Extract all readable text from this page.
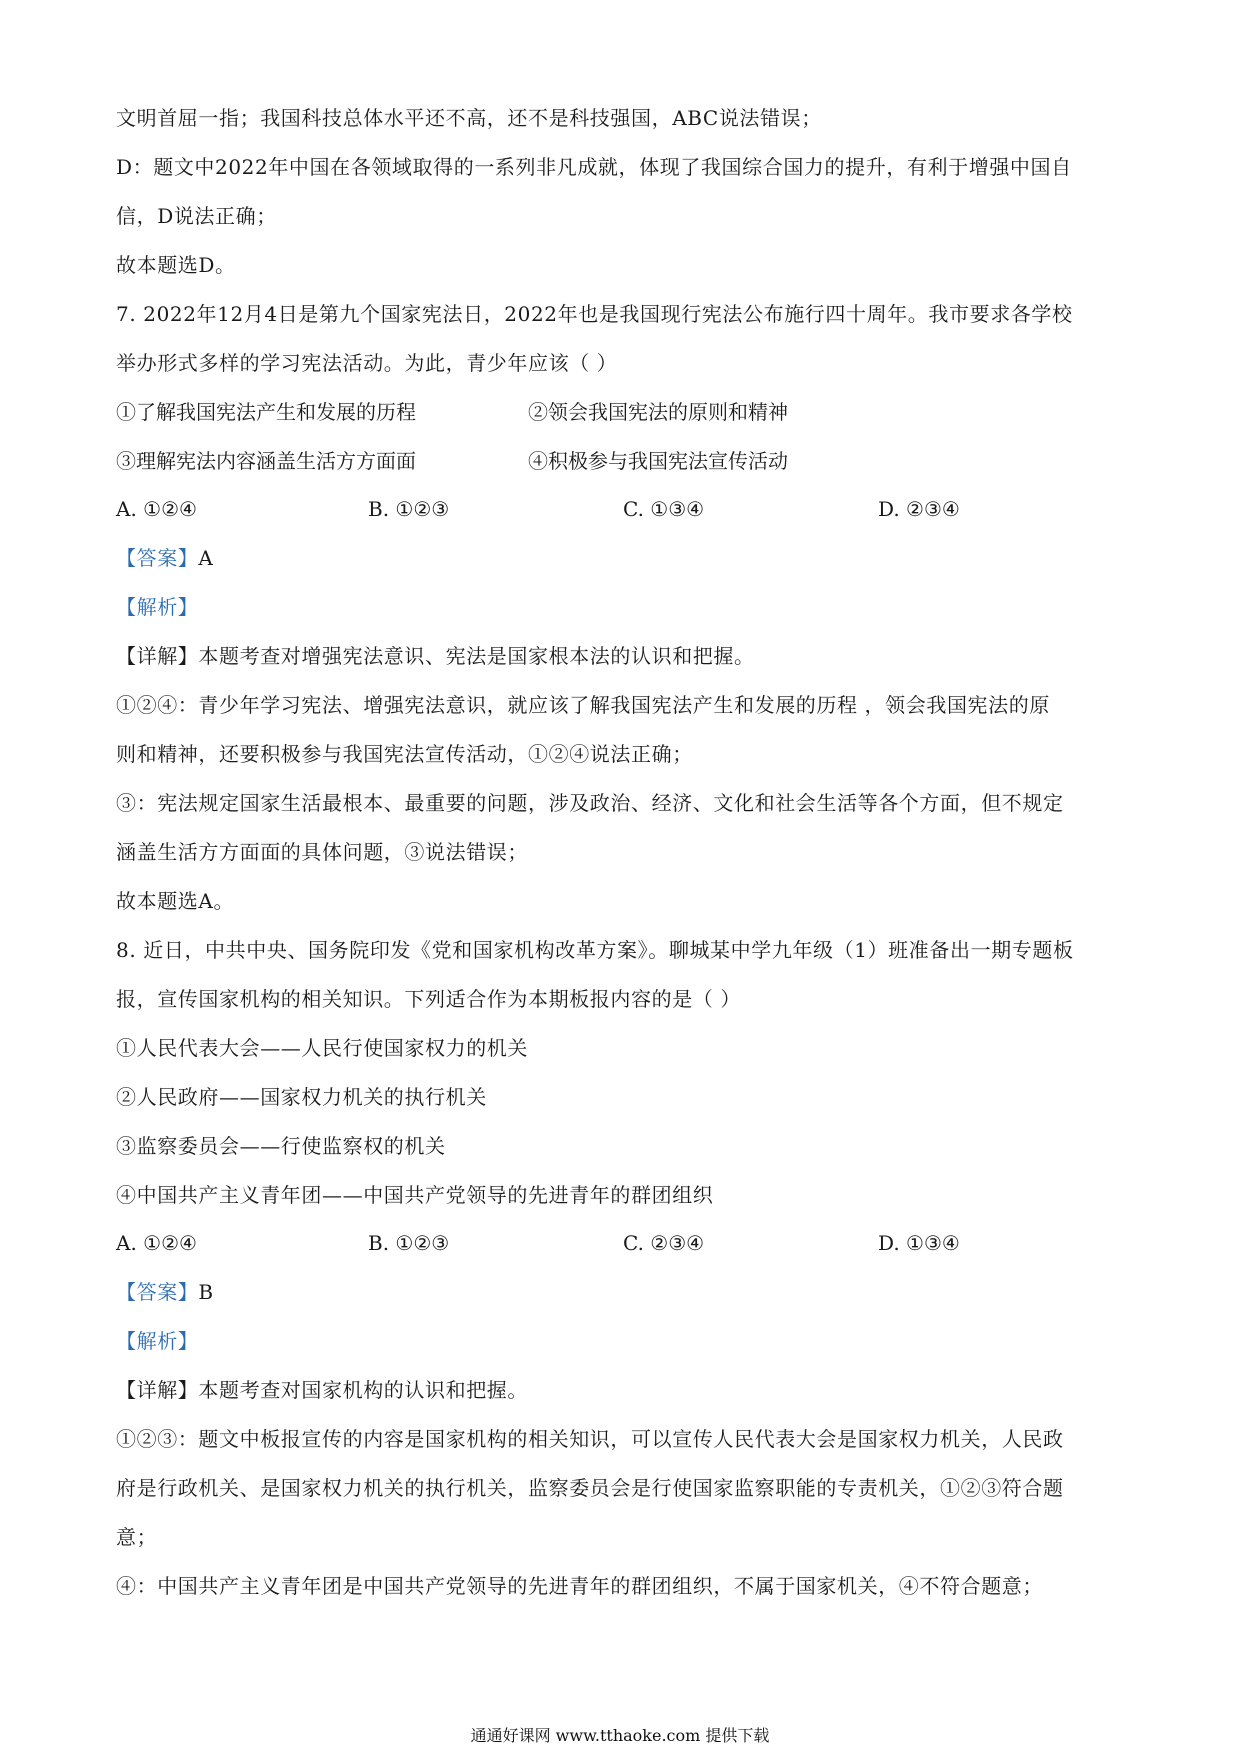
文明首屈一指；我国科技总体水平还不高，还不是科技强国，ABC说法错误；
D：题文中2022年中国在各领域取得的一系列非凡成就，体现了我国综合国力的提升，有利于增强中国自
信，D说法正确；
故本题选D。
7. 2022年12月4日是第九个国家宪法日，2022年也是我国现行宪法公布施行四十周年。我市要求各学校
举办形式多样的学习宪法活动。为此，青少年应该（ ）
①了解我国宪法产生和发展的历程	②领会我国宪法的原则和精神
③理解宪法内容涵盖生活方方面面	④积极参与我国宪法宣传活动
A. ①②④	B. ①②③	C. ①③④	D. ②③④
【答案】A
【解析】
【详解】本题考查对增强宪法意识、宪法是国家根本法的认识和把握。
①②④：青少年学习宪法、增强宪法意识，就应该了解我国宪法产生和发展的历程 ，领会我国宪法的原
则和精神，还要积极参与我国宪法宣传活动，①②④说法正确；
③：宪法规定国家生活最根本、最重要的问题，涉及政治、经济、文化和社会生活等各个方面，但不规定
涵盖生活方方面面的具体问题，③说法错误；
故本题选A。
8. 近日，中共中央、国务院印发《党和国家机构改革方案》。聊城某中学九年级（1）班准备出一期专题板
报，宣传国家机构的相关知识。下列适合作为本期板报内容的是（ ）
①人民代表大会——人民行使国家权力的机关
②人民政府——国家权力机关的执行机关
③监察委员会——行使监察权的机关
④中国共产主义青年团——中国共产党领导的先进青年的群团组织
A. ①②④	B. ①②③	C. ②③④	D. ①③④
【答案】B
【解析】
【详解】本题考查对国家机构的认识和把握。
①②③：题文中板报宣传的内容是国家机构的相关知识，可以宣传人民代表大会是国家权力机关，人民政
府是行政机关、是国家权力机关的执行机关，监察委员会是行使国家监察职能的专责机关，①②③符合题
意；
④：中国共产主义青年团是中国共产党领导的先进青年的群团组织，不属于国家机关，④不符合题意；
通通好课网 www.tthaoke.com 提供下载
